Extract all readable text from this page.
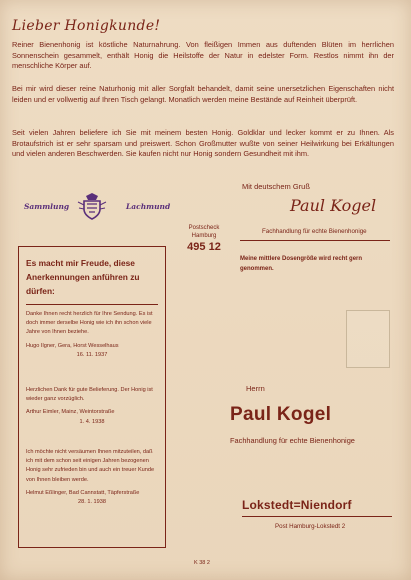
Lieber Honigkunde!

Reiner Bienenhonig ist köstliche Naturnahrung. Von fleißigen Immen aus duftenden Blüten im herrlichen Sonnenschein gesammelt, enthält Honig die Heilstoffe der Natur in edelster Form. Restlos nimmt ihn der menschliche Körper auf.

Bei mir wird dieser reine Naturhonig mit aller Sorgfalt behandelt, damit seine unersetzlichen Eigenschaften nicht leiden und er vollwertig auf Ihren Tisch gelangt. Monatlich werden meine Bestände auf Reinheit überprüft.

Seit vielen Jahren beliefere ich Sie mit meinem besten Honig. Goldklar und lecker kommt er zu Ihnen. Als Brotaufstrich ist er sehr sparsam und preiswert. Schon Großmutter wußte von seiner Heilwirkung bei Erkältungen und vielen anderen Beschwerden. Sie kaufen nicht nur Honig sondern Gesundheit mit ihm.

Sammlung	Lachmund
Mit deutschem Gruß
Paul Kogel
Fachhandlung für echte Bienenhonige
Meine mittlere Dosengröße wird recht gern genommen.
Postscheck
Hamburg
495 12
Es macht mir Freude, diese Anerkennungen anführen zu dürfen:
Danke Ihnen recht herzlich für Ihre Sendung. Es ist doch immer derselbe Honig wie ich ihn schon viele Jahre von Ihnen beziehe.
Hugo Ilgner, Gera, Horst Wesselhaus
16. 11. 1937
Herzlichen Dank für gute Belieferung. Der Honig ist wieder ganz vorzüglich.
Arthur Eimler, Mainz, Weintorstraße
1. 4. 1938
Ich möchte nicht versäumen Ihnen mitzuteilen, daß ich mit dem schon seit einigen Jahren bezogenen Honig sehr zufrieden bin und auch ein treuer Kunde von Ihnen bleiben werde.
Helmut Eßlinger, Bad Cannstatt, Täpferstraße
28. 1. 1938
Herrn
Paul Kogel
Fachhandlung für echte Bienenhonige
Lokstedt=Niendorf
Post Hamburg-Lokstedt 2
K 38 2
